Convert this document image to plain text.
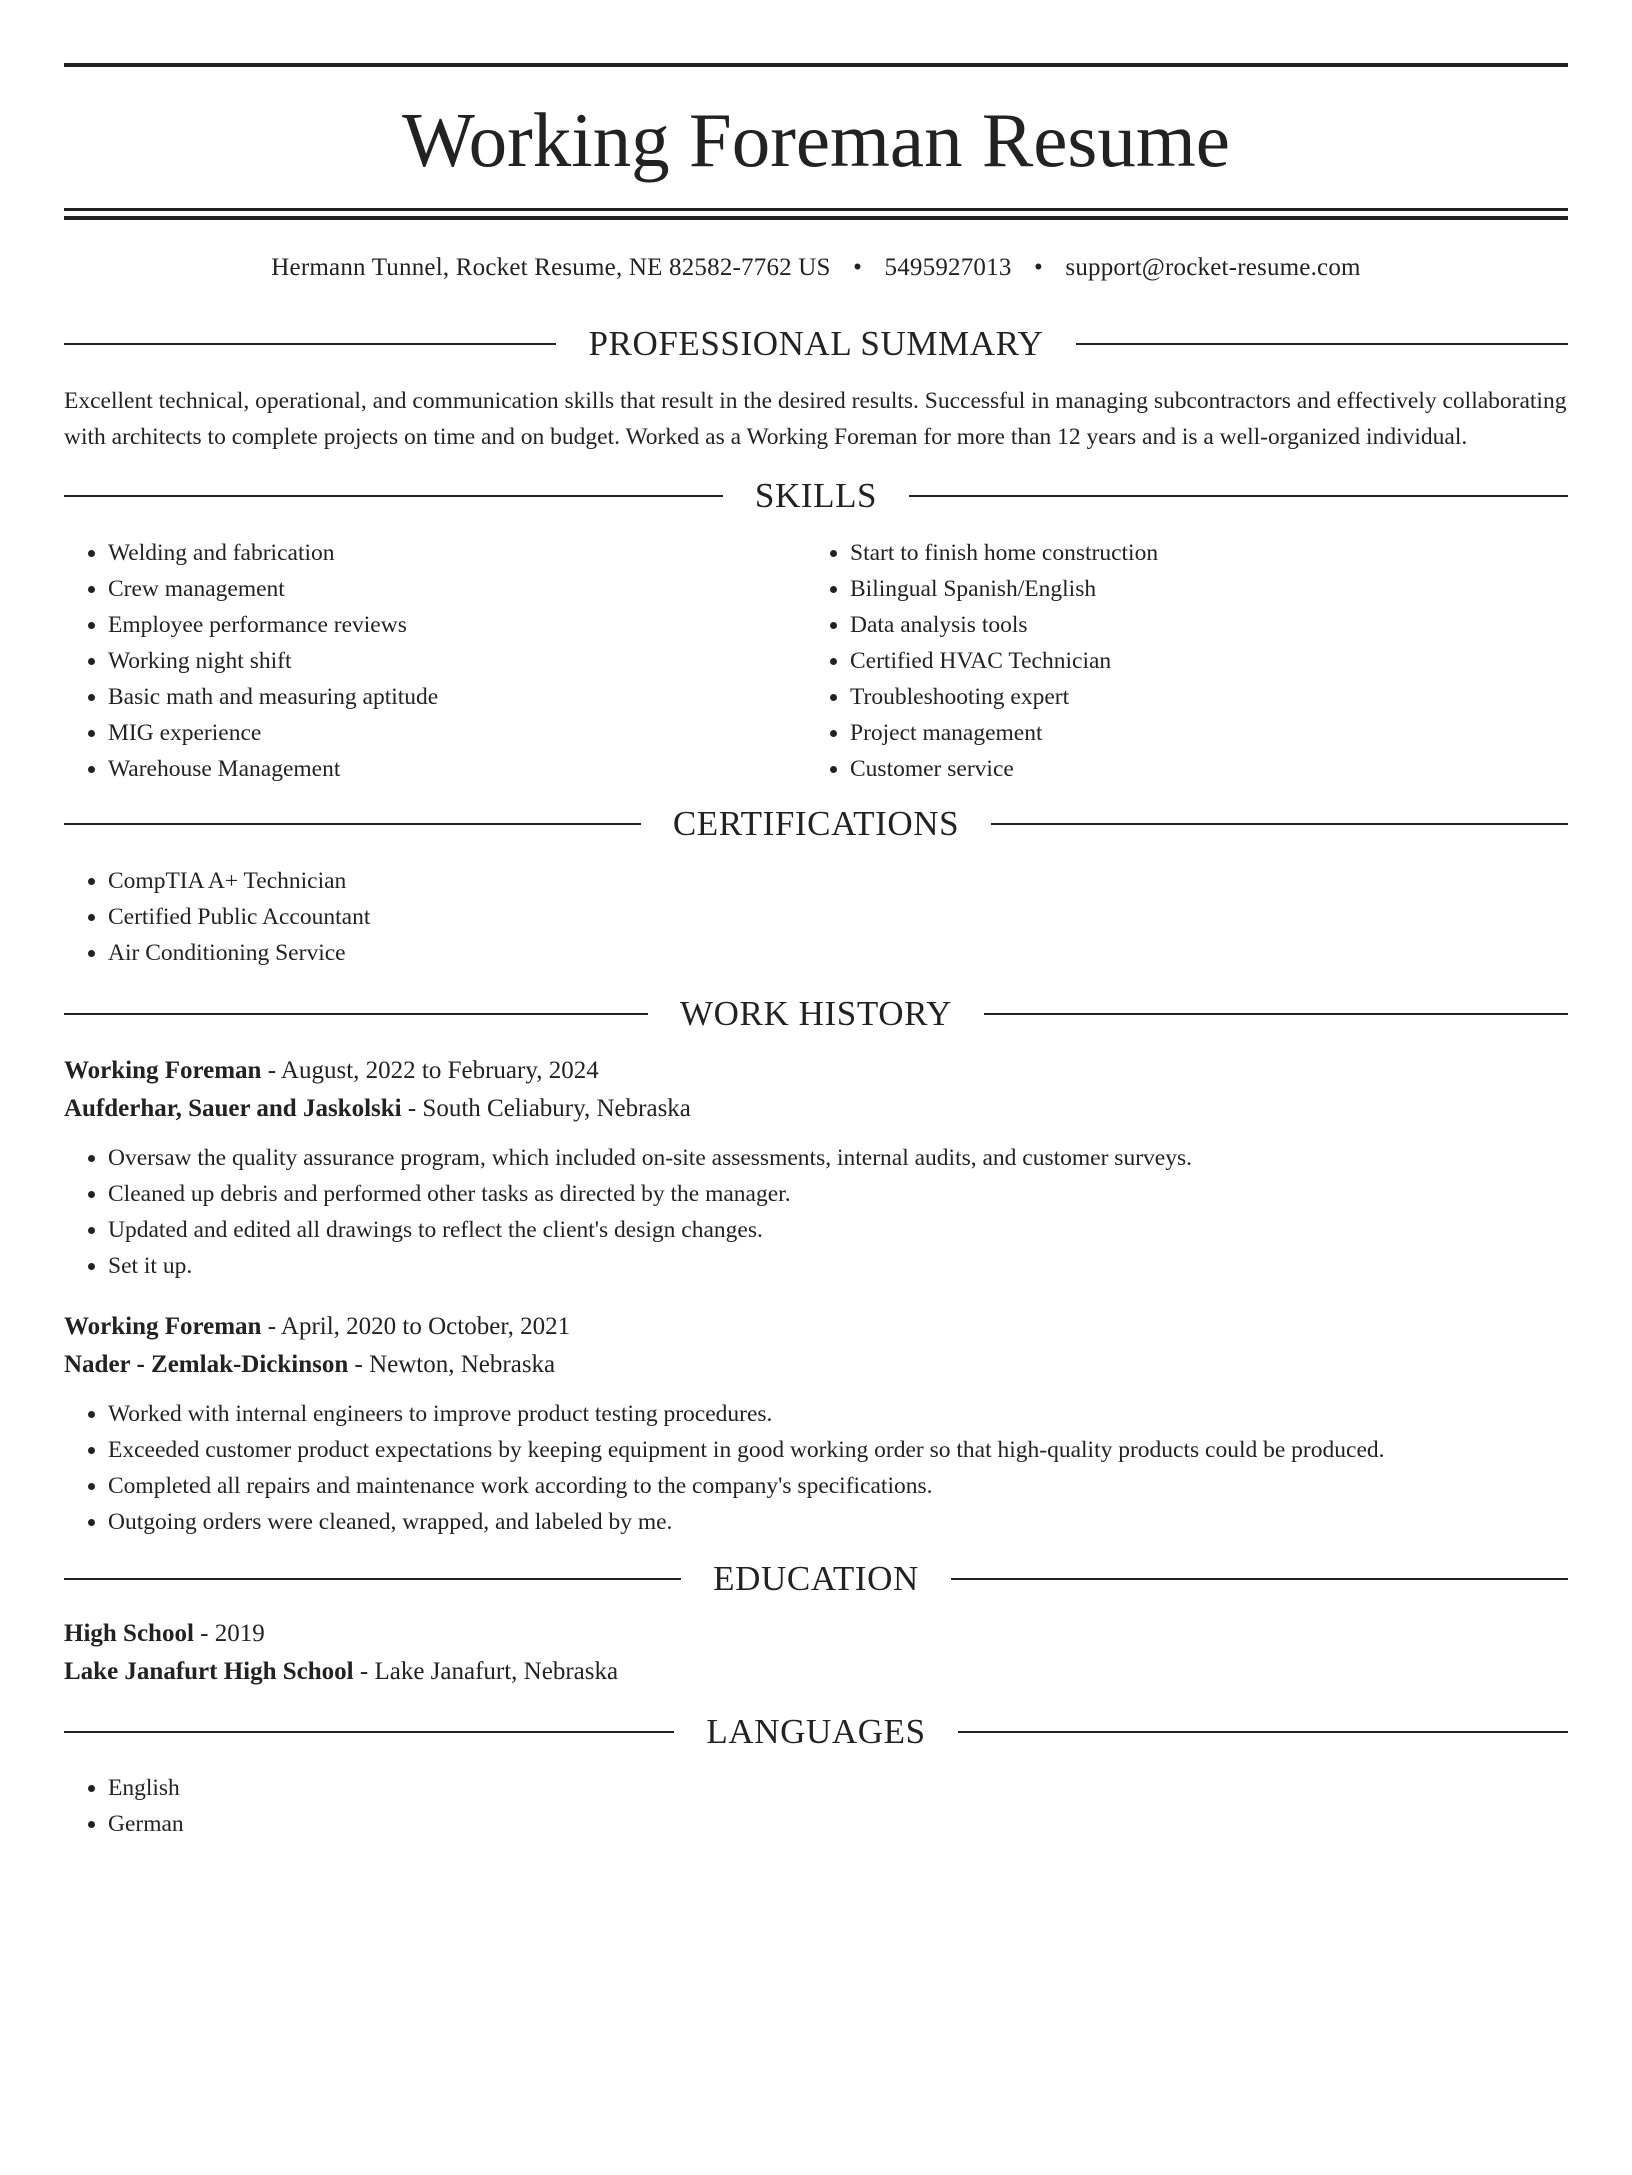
Working Foreman Resume
Hermann Tunnel, Rocket Resume, NE 82582-7762 US • 5495927013 • support@rocket-resume.com
PROFESSIONAL SUMMARY

Excellent technical, operational, and communication skills that result in the desired results. Successful in managing subcontractors and effectively collaborating with architects to complete projects on time and on budget. Worked as a Working Foreman for more than 12 years and is a well-organized individual.

SKILLS
• Welding and fabrication
• Crew management
• Employee performance reviews
• Working night shift
• Basic math and measuring aptitude
• MIG experience
• Warehouse Management
• Start to finish home construction
• Bilingual Spanish/English
• Data analysis tools
• Certified HVAC Technician
• Troubleshooting expert
• Project management
• Customer service
CERTIFICATIONS
• CompTIA A+ Technician
• Certified Public Accountant
• Air Conditioning Service
WORK HISTORY
Working Foreman - August, 2022 to February, 2024
Aufderhar, Sauer and Jaskolski - South Celiabury, Nebraska
• Oversaw the quality assurance program, which included on-site assessments, internal audits, and customer surveys.
• Cleaned up debris and performed other tasks as directed by the manager.
• Updated and edited all drawings to reflect the client's design changes.
• Set it up.
Working Foreman - April, 2020 to October, 2021
Nader - Zemlak-Dickinson - Newton, Nebraska
• Worked with internal engineers to improve product testing procedures.
• Exceeded customer product expectations by keeping equipment in good working order so that high-quality products could be produced.
• Completed all repairs and maintenance work according to the company's specifications.
• Outgoing orders were cleaned, wrapped, and labeled by me.
EDUCATION
High School - 2019
Lake Janafurt High School - Lake Janafurt, Nebraska
LANGUAGES
• English
• German
